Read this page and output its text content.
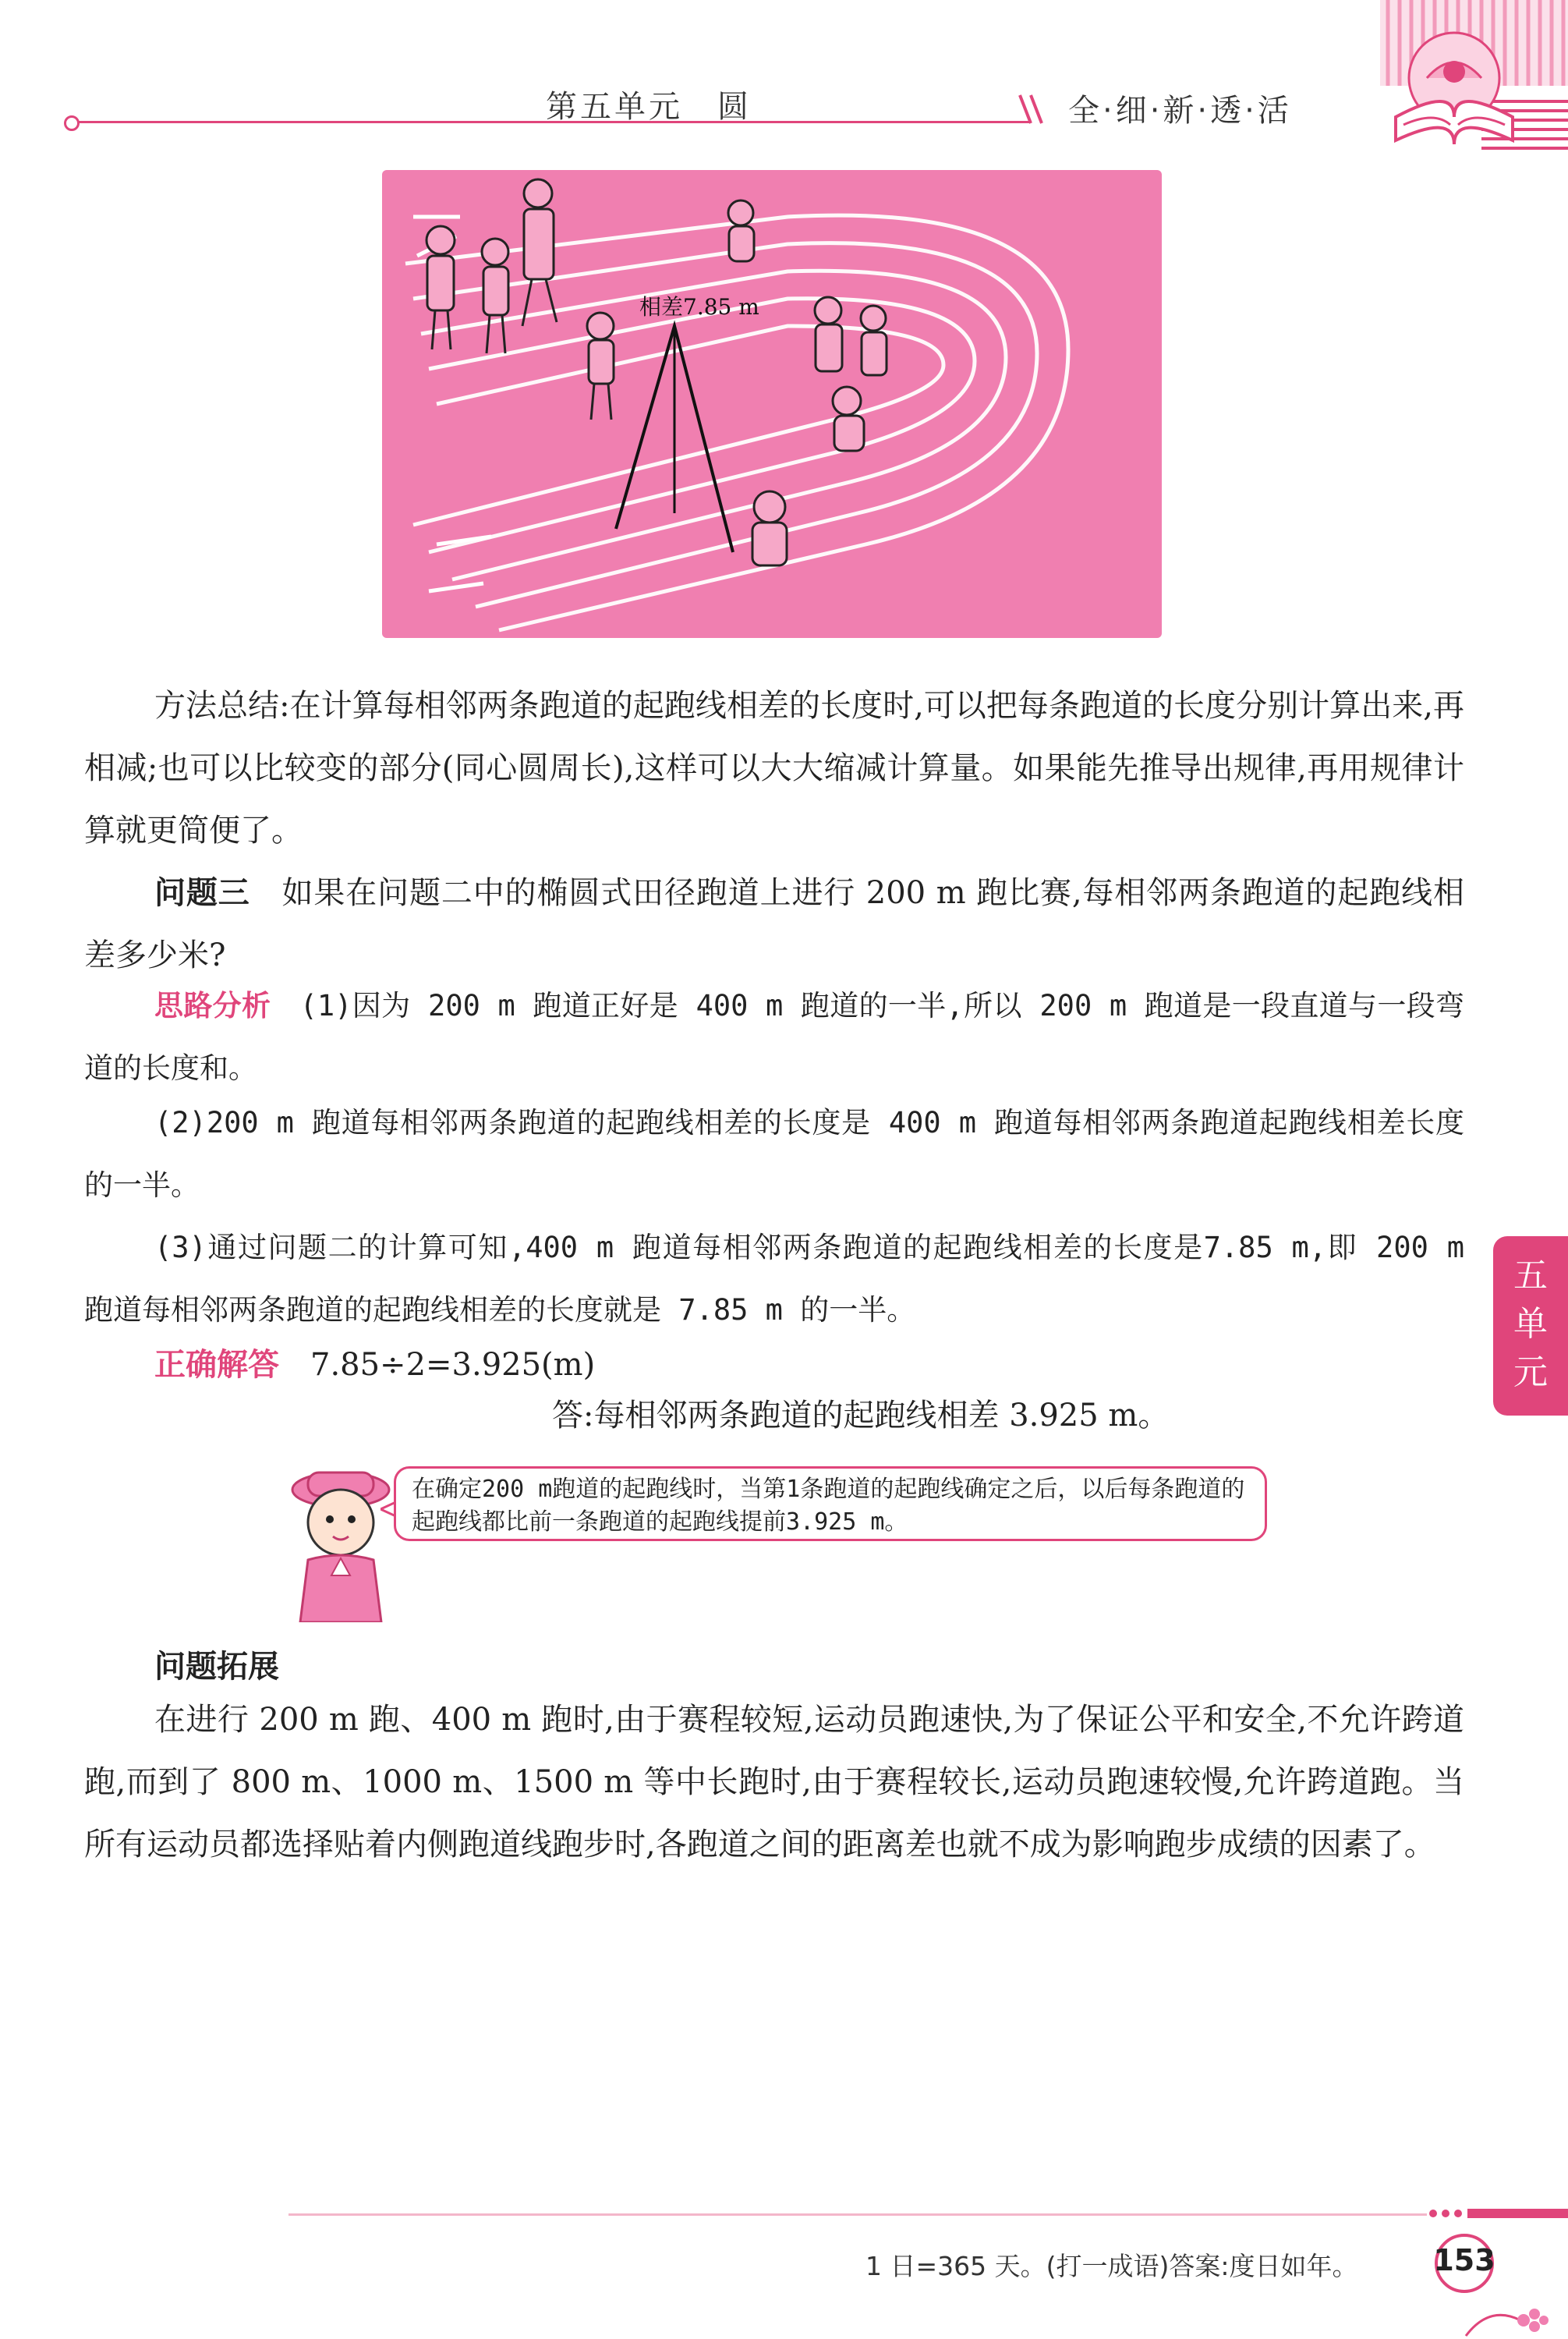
第五单元　圆	全·细·新·透·活
相差7.85 m
方法总结:在计算每相邻两条跑道的起跑线相差的长度时,可以把每条跑道的长度分别计算出来,再相减;也可以比较变的部分(同心圆周长),这样可以大大缩减计算量。如果能先推导出规律,再用规律计算就更简便了。
问题三　如果在问题二中的椭圆式田径跑道上进行 200 m 跑比赛,每相邻两条跑道的起跑线相差多少米?
思路分析　(1)因为 200 m 跑道正好是 400 m 跑道的一半,所以 200 m 跑道是一段直道与一段弯道的长度和。
(2)200 m 跑道每相邻两条跑道的起跑线相差的长度是 400 m 跑道每相邻两条跑道起跑线相差长度的一半。
(3)通过问题二的计算可知,400 m 跑道每相邻两条跑道的起跑线相差的长度是7.85 m,即 200 m 跑道每相邻两条跑道的起跑线相差的长度就是 7.85 m 的一半。
正确解答　7.85÷2=3.925(m)
答:每相邻两条跑道的起跑线相差 3.925 m。
在确定200 m跑道的起跑线时，当第1条跑道的起跑线确定之后，以后每条跑道的起跑线都比前一条跑道的起跑线提前3.925 m。
问题拓展
在进行 200 m 跑、400 m 跑时,由于赛程较短,运动员跑速快,为了保证公平和安全,不允许跨道跑,而到了 800 m、1000 m、1500 m 等中长跑时,由于赛程较长,运动员跑速较慢,允许跨道跑。当所有运动员都选择贴着内侧跑道线跑步时,各跑道之间的距离差也就不成为影响跑步成绩的因素了。
五单元
1 日=365 天。(打一成语)答案:度日如年。	153
